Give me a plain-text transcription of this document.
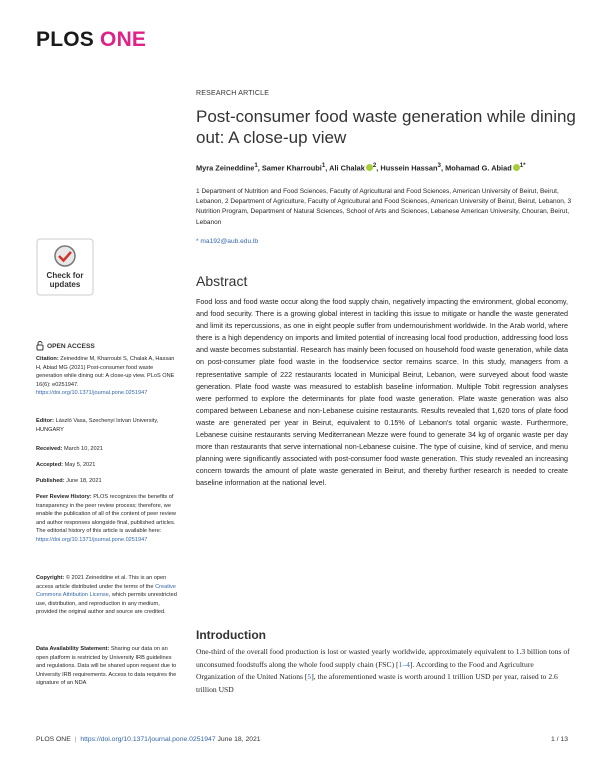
PLOS ONE
RESEARCH ARTICLE
Post-consumer food waste generation while dining out: A close-up view
Myra Zeineddine$^1$, Samer Kharroubi$^1$, Ali Chalak $^2$, Hussein Hassan$^3$, Mohamad G. Abiad $^{1*}$
1 Department of Nutrition and Food Sciences, Faculty of Agricultural and Food Sciences, American University of Beirut, Beirut, Lebanon, 2 Department of Agriculture, Faculty of Agricultural and Food Sciences, American University of Beirut, Beirut, Lebanon, 3 Nutrition Program, Department of Natural Sciences, School of Arts and Sciences, Lebanese American University, Chouran, Beirut, Lebanon
* ma192@aub.edu.lb
Check for
updates
OPEN ACCESS
Citation: Zeineddine M, Kharroubi S, Chalak A, Hassan H, Abiad MG (2021) Post-consumer food waste generation while dining out: A close-up view. PLoS ONE 16(6): e0251947. https://doi.org/10.1371/journal.pone.0251947
Editor: László Vasa, Szechenyi Istvan University, HUNGARY
Received: March 10, 2021
Accepted: May 5, 2021
Published: June 18, 2021
Peer Review History: PLOS recognizes the benefits of transparency in the peer review process; therefore, we enable the publication of all of the content of peer review and author responses alongside final, published articles. The editorial history of this article is available here: https://doi.org/10.1371/journal.pone.0251947
Copyright: © 2021 Zeineddine et al. This is an open access article distributed under the terms of the Creative Commons Attribution License, which permits unrestricted use, distribution, and reproduction in any medium, provided the original author and source are credited.
Data Availability Statement: Sharing our data on an open platform is restricted by University IRB guidelines and regulations. Data will be shared upon request due to University IRB requirements. Access to data requires the signature of an NDA
Abstract

Food loss and food waste occur along the food supply chain, negatively impacting the environment, global economy, and food security. There is a growing global interest in tackling this issue to mitigate or handle the waste generated and limit its repercussions, as one in eight people suffer from undernourishment worldwide. In the Arab world, where there is a high dependency on imports and limited potential of increasing local food production, addressing food loss and waste becomes substantial. Research has mainly been focused on household food waste generation, while data on post-consumer plate food waste in the foodservice sector remains scarce. In this study, managers from a representative sample of 222 restaurants located in Municipal Beirut, Lebanon, were surveyed about food waste generation. Plate food waste was measured to establish baseline information. Multiple Tobit regression analyses were performed to explore the determinants for plate food waste generation. Plate waste generation was also compared between Lebanese and non-Lebanese cuisine restaurants. Results revealed that 1,620 tons of plate food waste are generated per year in Beirut, equivalent to 0.15% of Lebanon's total organic waste. Furthermore, Lebanese cuisine restaurants serving Mediterranean Mezze were found to generate 34 kg of organic waste per day more than restaurants that serve international non-Lebanese cuisine. The type of cuisine, kind of service, and menu planning were significantly associated with post-consumer food waste generation. This study revealed an increasing concern towards the amount of plate waste generated in Beirut, and thereby further research is needed to create baseline information at the national level.

Introduction

One-third of the overall food production is lost or wasted yearly worldwide, approximately equivalent to 1.3 billion tons of unconsumed foodstuffs along the whole food supply chain (FSC) [1–4]. According to the Food and Agriculture Organization of the United Nations [5], the aforementioned waste is worth around 1 trillion USD per year, raised to 2.6 trillion USD

PLOS ONE | https://doi.org/10.1371/journal.pone.0251947 June 18, 2021	1 / 13
